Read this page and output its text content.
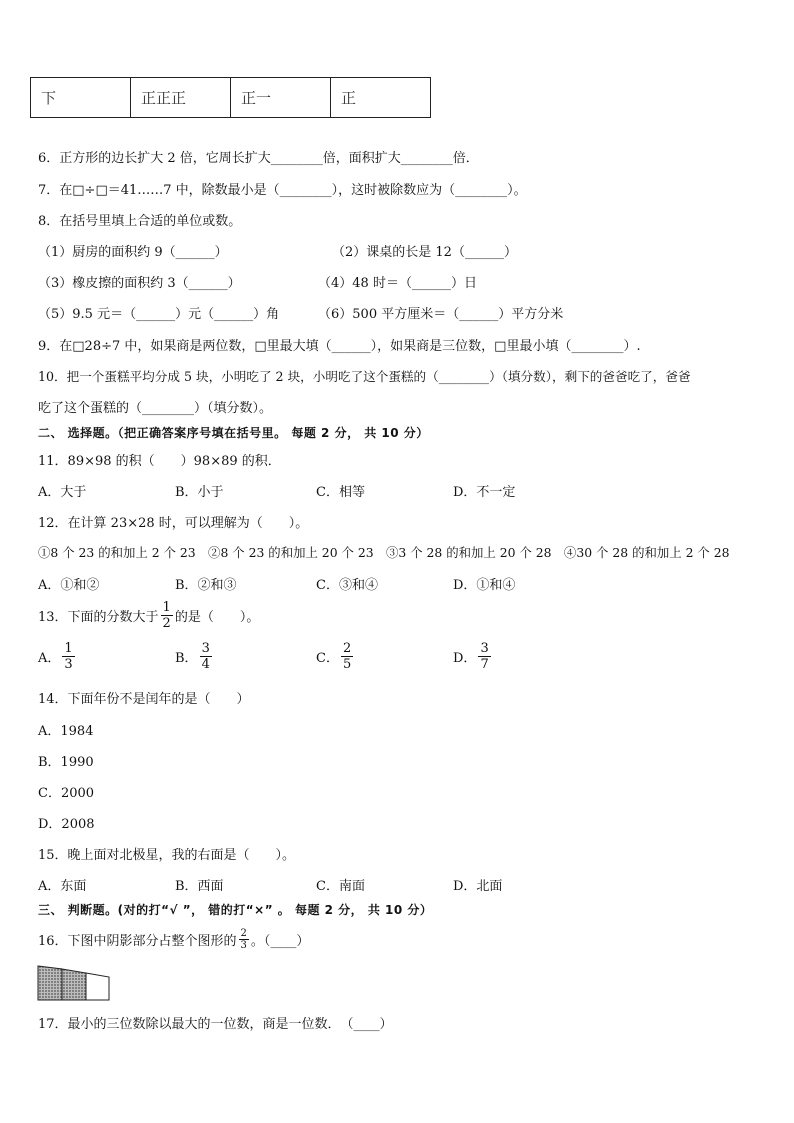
下	正正正	正一	正
6．正方形的边长扩大 2 倍，它周长扩大________倍，面积扩大________倍．
7．在□÷□＝41……7 中，除数最小是（________），这时被除数应为（________）。
8．在括号里填上合适的单位或数。
（1）厨房的面积约 9（______）	（2）课桌的长是 12（______）
（3）橡皮擦的面积约 3（______）	（4）48 时＝（______）日
（5）9.5 元＝（______）元（______）角	（6）500 平方厘米＝（______）平方分米
9．在□28÷7 中，如果商是两位数，□里最大填（______），如果商是三位数，□里最小填（________）.
10．把一个蛋糕平均分成 5 块，小明吃了 2 块，小明吃了这个蛋糕的（________）（填分数），剩下的爸爸吃了，爸爸
吃了这个蛋糕的（________）（填分数）。
二、 选择题。（把正确答案序号填在括号里。 每题 2 分， 共 10 分）
11．89×98 的积（　　）98×89 的积．
A．大于	B．小于	C．相等	D．不一定
12．在计算 23×28 时，可以理解为（　　）。
①8 个 23 的和加上 2 个 23　②8 个 23 的和加上 20 个 23　③3 个 28 的和加上 20 个 28　④30 个 28 的和加上 2 个 28
A．①和②	B．②和③	C．③和④	D．①和④
13．下面的分数大于 $\frac{1}{2}$ 的是（　　）。
A． $\frac{1}{3}$	B． $\frac{3}{4}$	C． $\frac{2}{5}$	D． $\frac{3}{7}$
14．下面年份不是闰年的是（　　）
A．1984
B．1990
C．2000
D．2008
15．晚上面对北极星，我的右面是（　　）。
A．东面	B．西面	C．南面	D．北面
三、 判断题。(对的打“√ ”， 错的打“×” 。 每题 2 分， 共 10 分）
16．下图中阴影部分占整个图形的 $\frac{2}{3}$ 。（____）
17．最小的三位数除以最大的一位数，商是一位数．　（____）
